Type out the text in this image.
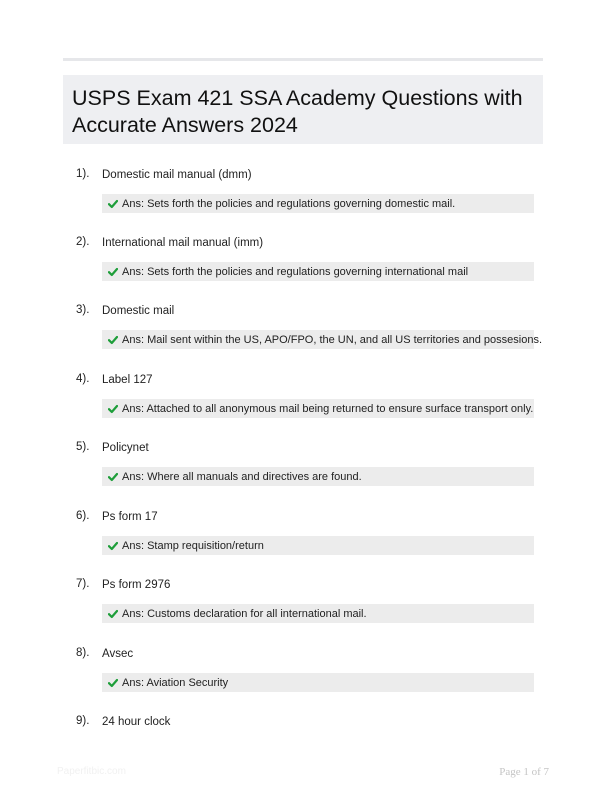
USPS Exam 421 SSA Academy Questions with Accurate Answers 2024
1). Domestic mail manual (dmm)
Ans: Sets forth the policies and regulations governing domestic mail.
2). International mail manual (imm)
Ans: Sets forth the policies and regulations governing international mail
3). Domestic mail
Ans: Mail sent within the US, APO/FPO, the UN, and all US territories and possesions.
4). Label 127
Ans: Attached to all anonymous mail being returned to ensure surface transport only.
5). Policynet
Ans: Where all manuals and directives are found.
6). Ps form 17
Ans: Stamp requisition/return
7). Ps form 2976
Ans: Customs declaration for all international mail.
8). Avsec
Ans: Aviation Security
9). 24 hour clock
Paperfitbic.com	Page 1 of 7
